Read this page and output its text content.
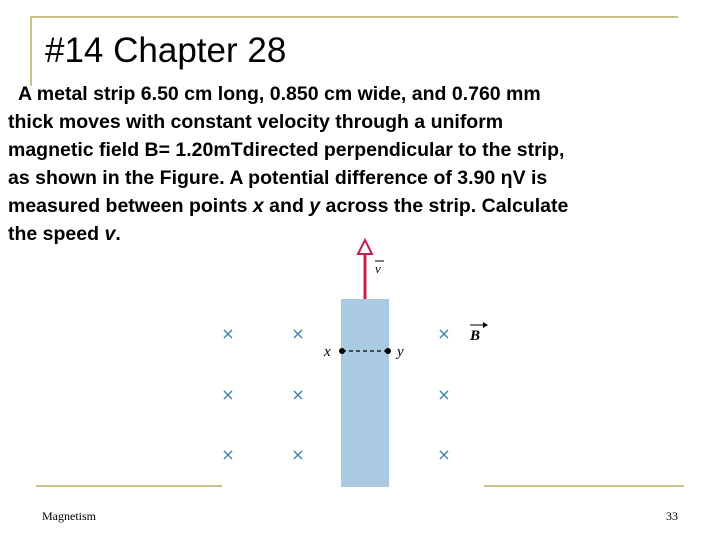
#14 Chapter 28
A metal strip 6.50 cm long, 0.850 cm wide, and 0.760 mm
thick moves with constant velocity through a uniform
magnetic field B= 1.20mTdirected perpendicular to the strip,
as shown in the Figure. A potential difference of 3.90 ηV is
measured between points x and y across the strip. Calculate
the speed v.
v
x	y
×	×	×
×	×	×
×	×	×
B
Magnetism	33
